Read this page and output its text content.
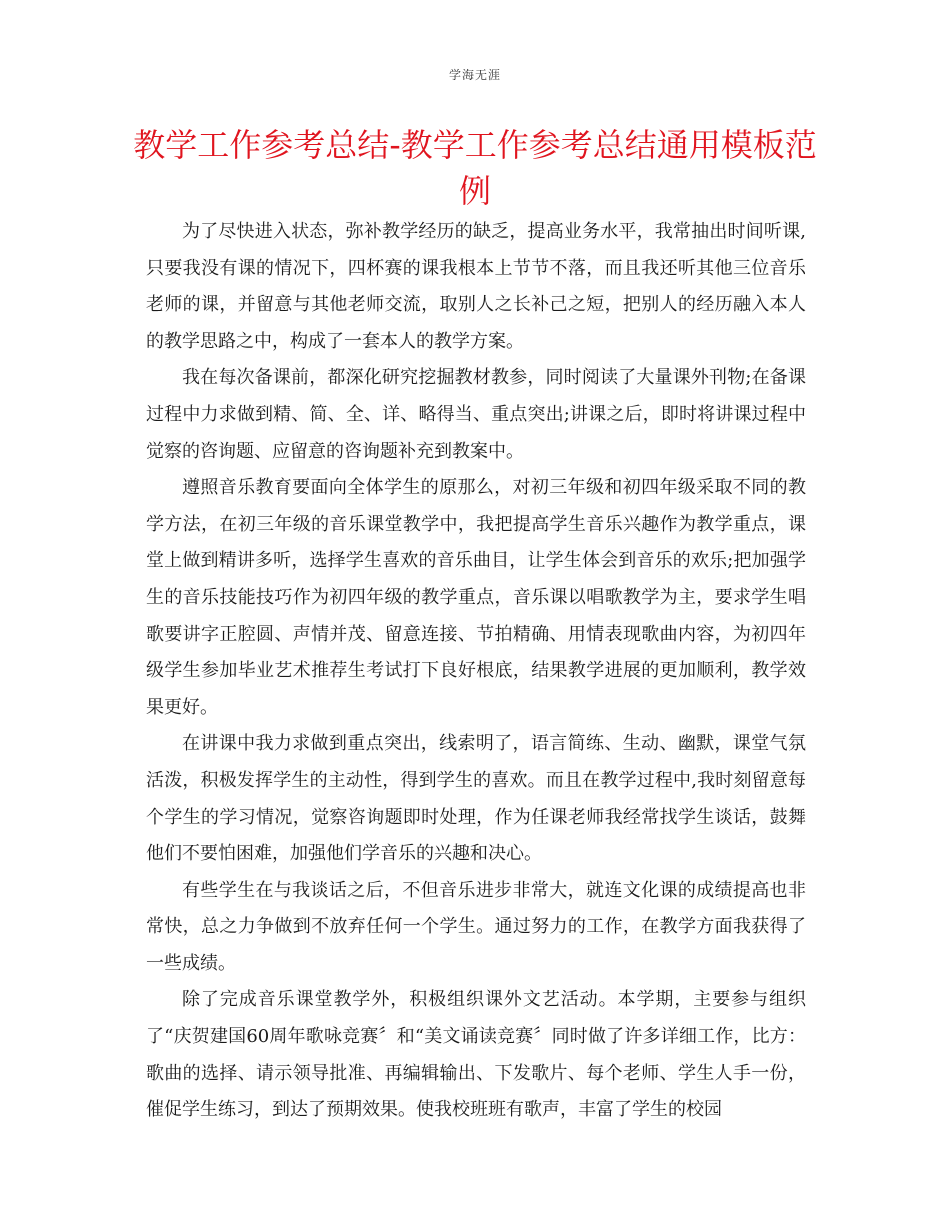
学海无涯
教学工作参考总结-教学工作参考总结通用模板范例

为了尽快进入状态，弥补教学经历的缺乏，提高业务水平，我常抽出时间听课,只要我没有课的情况下，四杯赛的课我根本上节节不落，而且我还听其他三位音乐老师的课，并留意与其他老师交流，取别人之长补己之短，把别人的经历融入本人的教学思路之中，构成了一套本人的教学方案。

我在每次备课前，都深化研究挖掘教材教参，同时阅读了大量课外刊物;在备课过程中力求做到精、简、全、详、略得当、重点突出;讲课之后，即时将讲课过程中觉察的咨询题、应留意的咨询题补充到教案中。

遵照音乐教育要面向全体学生的原那么，对初三年级和初四年级采取不同的教学方法，在初三年级的音乐课堂教学中，我把提高学生音乐兴趣作为教学重点，课堂上做到精讲多听，选择学生喜欢的音乐曲目，让学生体会到音乐的欢乐;把加强学生的音乐技能技巧作为初四年级的教学重点，音乐课以唱歌教学为主，要求学生唱歌要讲字正腔圆、声情并茂、留意连接、节拍精确、用情表现歌曲内容，为初四年级学生参加毕业艺术推荐生考试打下良好根底，结果教学进展的更加顺利，教学效果更好。

在讲课中我力求做到重点突出，线索明了，语言简练、生动、幽默，课堂气氛活泼，积极发挥学生的主动性，得到学生的喜欢。而且在教学过程中,我时刻留意每个学生的学习情况，觉察咨询题即时处理，作为任课老师我经常找学生谈话，鼓舞他们不要怕困难，加强他们学音乐的兴趣和决心。

有些学生在与我谈话之后，不但音乐进步非常大，就连文化课的成绩提高也非常快，总之力争做到不放弃任何一个学生。通过努力的工作，在教学方面我获得了一些成绩。

除了完成音乐课堂教学外，积极组织课外文艺活动。本学期，主要参与组织了“庆贺建国60周年歌咏竞赛〞和“美文诵读竞赛〞同时做了许多详细工作，比方：歌曲的选择、请示领导批准、再编辑输出、下发歌片、每个老师、学生人手一份，催促学生练习，到达了预期效果。使我校班班有歌声，丰富了学生的校园
